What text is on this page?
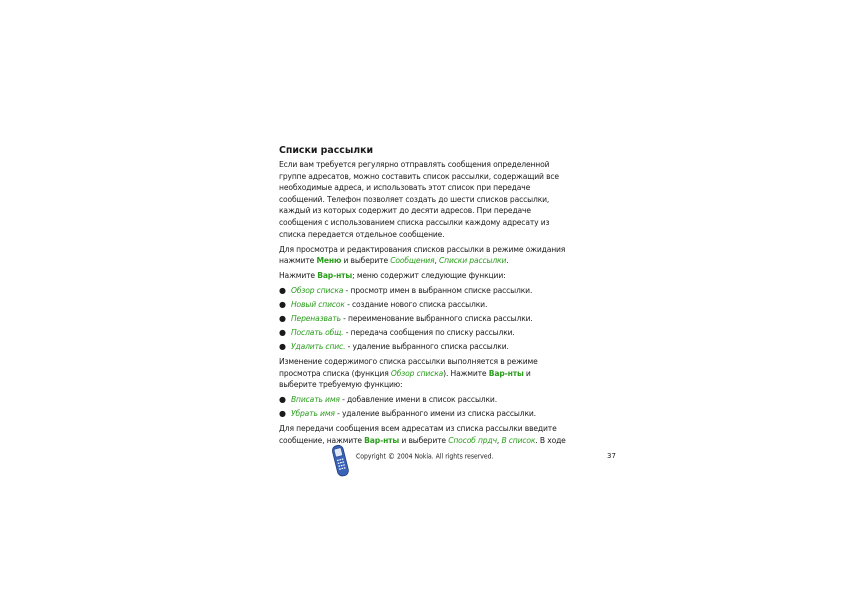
Списки рассылки

Если вам требуется регулярно отправлять сообщения определенной группе адресатов, можно составить список рассылки, содержащий все необходимые адреса, и использовать этот список при передаче сообщений. Телефон позволяет создать до шести списков рассылки, каждый из которых содержит до десяти адресов. При передаче сообщения с использованием списка рассылки каждому адресату из списка передается отдельное сообщение.

Для просмотра и редактирования списков рассылки в режиме ожидания нажмите Меню и выберите Сообщения, Списки рассылки.

Нажмите Вар-нты; меню содержит следующие функции:

● Обзор списка - просмотр имен в выбранном списке рассылки.
● Новый список - создание нового списка рассылки.
● Переназвать - переименование выбранного списка рассылки.
● Послать общ. - передача сообщения по списку рассылки.
● Удалить спис. - удаление выбранного списка рассылки.

Изменение содержимого списка рассылки выполняется в режиме просмотра списка (функция Обзор списка). Нажмите Вар-нты и выберите требуемую функцию:

● Вписать имя - добавление имени в список рассылки.
● Убрать имя - удаление выбранного имени из списка рассылки.

Для передачи сообщения всем адресатам из списка рассылки введите сообщение, нажмите Вар-нты и выберите Способ прдч, В список. В ходе

Copyright © 2004 Nokia. All rights reserved.	37
